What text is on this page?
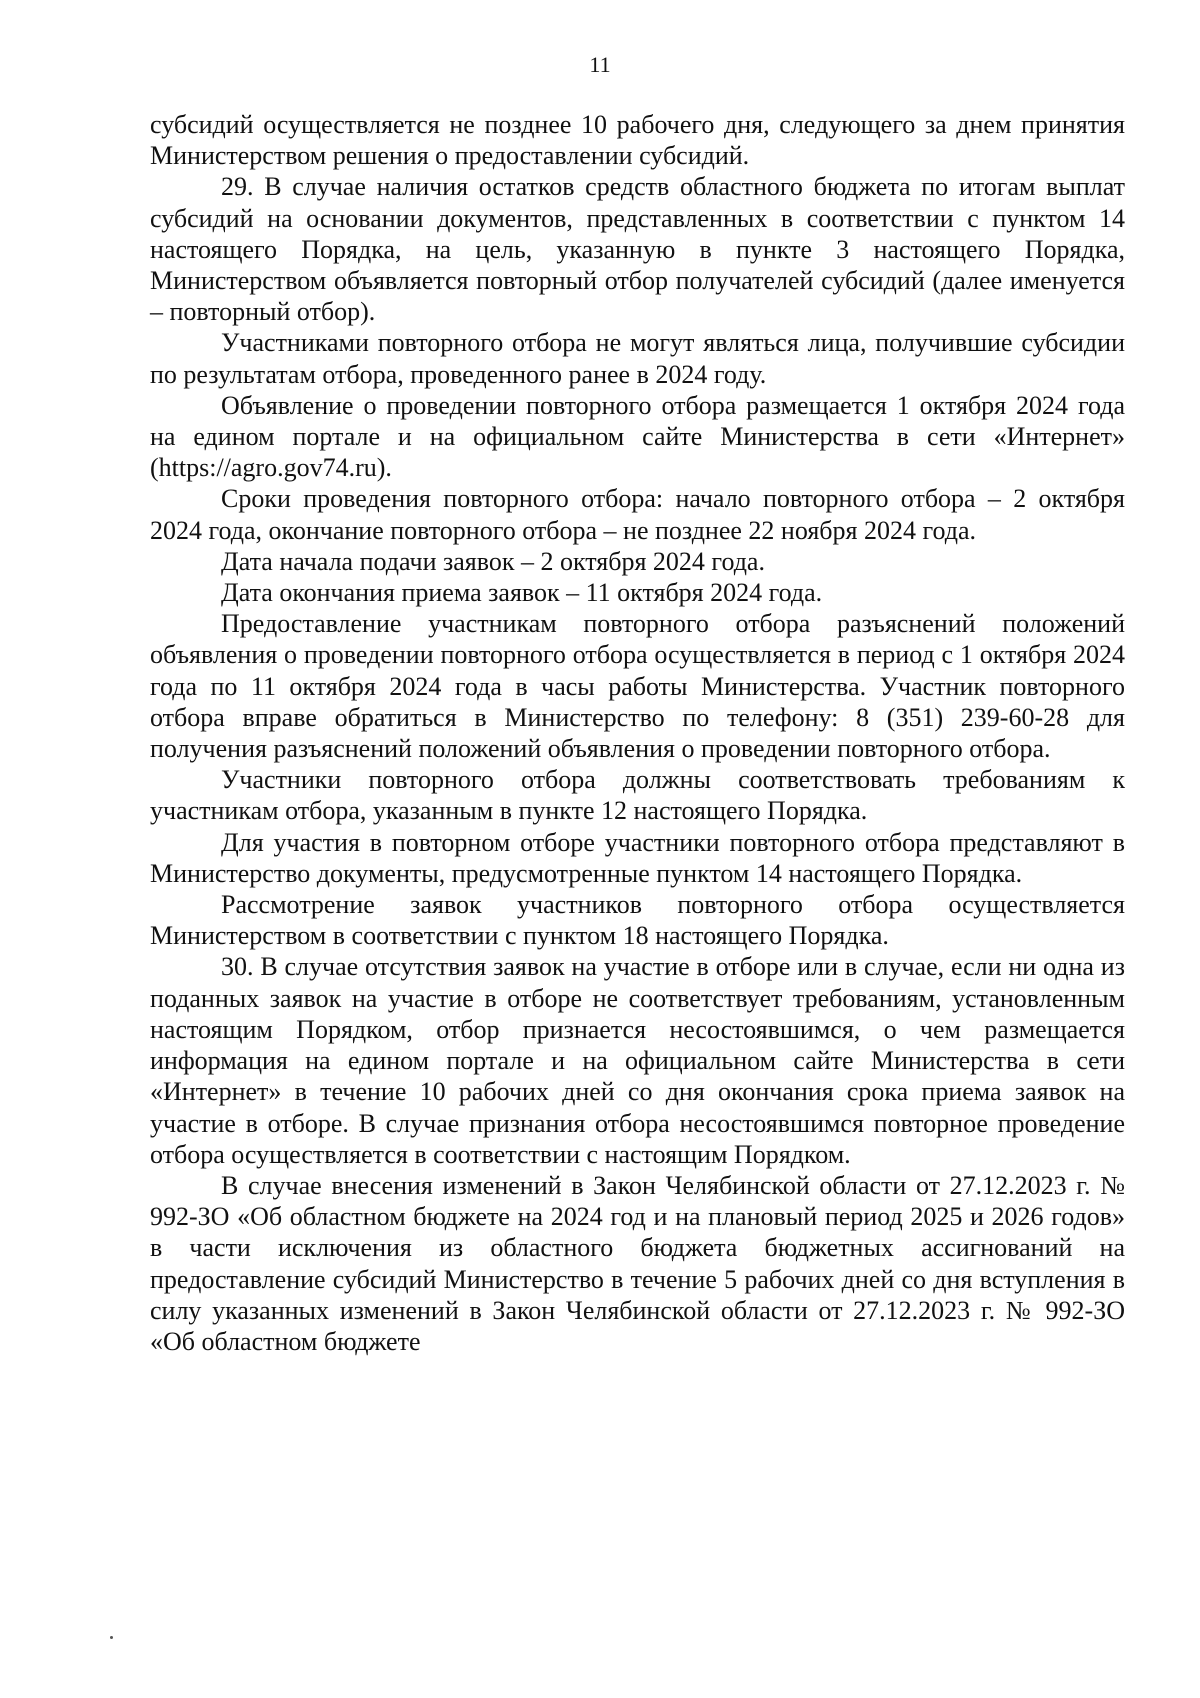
11

субсидий осуществляется не позднее 10 рабочего дня, следующего за днем принятия Министерством решения о предоставлении субсидий.

29. В случае наличия остатков средств областного бюджета по итогам выплат субсидий на основании документов, представленных в соответствии с пунктом 14 настоящего Порядка, на цель, указанную в пункте 3 настоящего Порядка, Министерством объявляется повторный отбор получателей субсидий (далее именуется – повторный отбор).

Участниками повторного отбора не могут являться лица, получившие субсидии по результатам отбора, проведенного ранее в 2024 году.

Объявление о проведении повторного отбора размещается 1 октября 2024 года на едином портале и на официальном сайте Министерства в сети «Интернет» (https://agro.gov74.ru).

Сроки проведения повторного отбора: начало повторного отбора – 2 октября 2024 года, окончание повторного отбора – не позднее 22 ноября 2024 года.

Дата начала подачи заявок – 2 октября 2024 года.

Дата окончания приема заявок – 11 октября 2024 года.

Предоставление участникам повторного отбора разъяснений положений объявления о проведении повторного отбора осуществляется в период с 1 октября 2024 года по 11 октября 2024 года в часы работы Министерства. Участник повторного отбора вправе обратиться в Министерство по телефону: 8 (351) 239-60-28 для получения разъяснений положений объявления о проведении повторного отбора.

Участники повторного отбора должны соответствовать требованиям к участникам отбора, указанным в пункте 12 настоящего Порядка.

Для участия в повторном отборе участники повторного отбора представляют в Министерство документы, предусмотренные пунктом 14 настоящего Порядка.

Рассмотрение заявок участников повторного отбора осуществляется Министерством в соответствии с пунктом 18 настоящего Порядка.

30. В случае отсутствия заявок на участие в отборе или в случае, если ни одна из поданных заявок на участие в отборе не соответствует требованиям, установленным настоящим Порядком, отбор признается несостоявшимся, о чем размещается информация на едином портале и на официальном сайте Министерства в сети «Интернет» в течение 10 рабочих дней со дня окончания срока приема заявок на участие в отборе. В случае признания отбора несостоявшимся повторное проведение отбора осуществляется в соответствии с настоящим Порядком.

В случае внесения изменений в Закон Челябинской области от 27.12.2023 г. № 992-ЗО «Об областном бюджете на 2024 год и на плановый период 2025 и 2026 годов» в части исключения из областного бюджета бюджетных ассигнований на предоставление субсидий Министерство в течение 5 рабочих дней со дня вступления в силу указанных изменений в Закон Челябинской области от 27.12.2023 г. № 992-ЗО «Об областном бюджете
